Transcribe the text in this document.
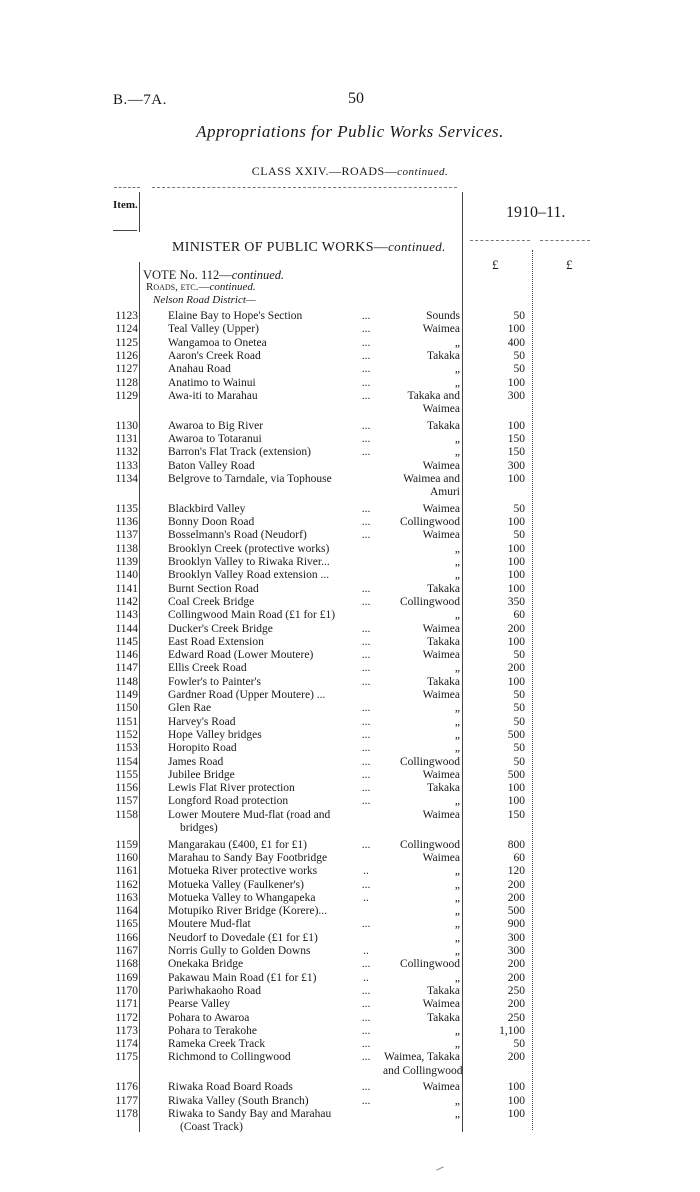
B.—7A.	50
Appropriations for Public Works Services.
CLASS XXIV.—ROADS—continued.
Item.	1910–11.
MINISTER OF PUBLIC WORKS—continued.
£	£
VOTE No. 112—continued.
Roads, etc.—continued.
Nelson Road District—
1123	Elaine Bay to Hope's Section	...	Sounds	50
1124	Teal Valley (Upper)	...	Waimea	100
1125	Wangamoa to Onetea	...	„	400
1126	Aaron's Creek Road	...	Takaka	50
1127	Anahau Road	...	„	50
1128	Anatimo to Wainui	...	„	100
1129	Awa-iti to Marahau	...	Takaka and	300
Waimea
1130	Awaroa to Big River	...	Takaka	100
1131	Awaroa to Totaranui	...	„	150
1132	Barron's Flat Track (extension)	...	„	150
1133	Baton Valley Road	Waimea	300
1134	Belgrove to Tarndale, via Tophouse	Waimea and	100
Amuri
1135	Blackbird Valley	...	Waimea	50
1136	Bonny Doon Road	...	Collingwood	100
1137	Bosselmann's Road (Neudorf)	...	Waimea	50
1138	Brooklyn Creek (protective works)	„	100
1139	Brooklyn Valley to Riwaka River...	„	100
1140	Brooklyn Valley Road extension ...	„	100
1141	Burnt Section Road	...	Takaka	100
1142	Coal Creek Bridge	...	Collingwood	350
1143	Collingwood Main Road (£1 for £1)	„	60
1144	Ducker's Creek Bridge	...	Waimea	200
1145	East Road Extension	...	Takaka	100
1146	Edward Road (Lower Moutere)	...	Waimea	50
1147	Ellis Creek Road	...	„	200
1148	Fowler's to Painter's	...	Takaka	100
1149	Gardner Road (Upper Moutere) ...	Waimea	50
1150	Glen Rae	...	„	50
1151	Harvey's Road	...	„	50
1152	Hope Valley bridges	...	„	500
1153	Horopito Road	...	„	50
1154	James Road	...	Collingwood	50
1155	Jubilee Bridge	...	Waimea	500
1156	Lewis Flat River protection	...	Takaka	100
1157	Longford Road protection	...	„	100
1158	Lower Moutere Mud-flat (road and	Waimea	150
bridges)
1159	Mangarakau (£400, £1 for £1)	...	Collingwood	800
1160	Marahau to Sandy Bay Footbridge	Waimea	60
1161	Motueka River protective works	..	„	120
1162	Motueka Valley (Faulkener's)	...	„	200
1163	Motueka Valley to Whangapeka	..	„	200
1164	Motupiko River Bridge (Korere)...	„	500
1165	Moutere Mud-flat	...	„	900
1166	Neudorf to Dovedale (£1 for £1)	„	300
1167	Norris Gully to Golden Downs	..	„	300
1168	Onekaka Bridge	...	Collingwood	200
1169	Pakawau Main Road (£1 for £1)	..	„	200
1170	Pariwhakaoho Road	...	Takaka	250
1171	Pearse Valley	...	Waimea	200
1172	Pohara to Awaroa	...	Takaka	250
1173	Pohara to Terakohe	...	„	1,100
1174	Rameka Creek Track	...	„	50
1175	Richmond to Collingwood	...	Waimea, Takaka	200
and Collingwood
1176	Riwaka Road Board Roads	...	Waimea	100
1177	Riwaka Valley (South Branch)	...	„	100
1178	Riwaka to Sandy Bay and Marahau	„	100
(Coast Track)
